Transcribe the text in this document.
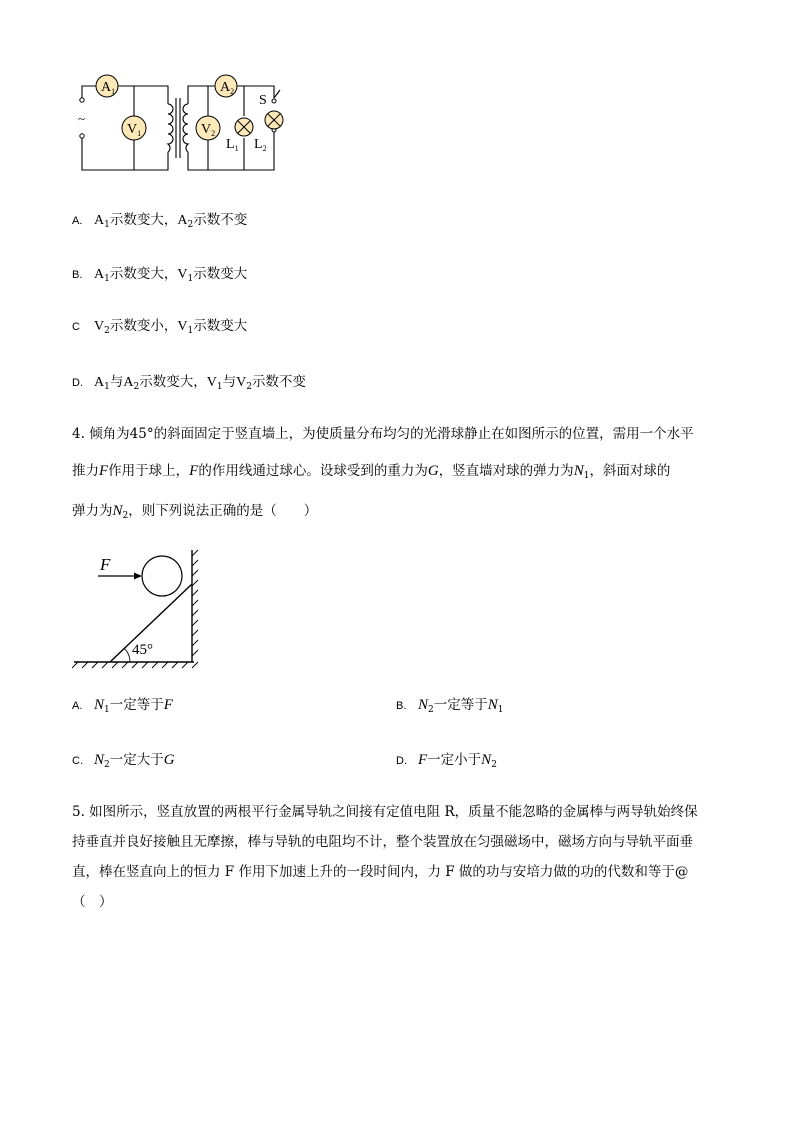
~
$A_1$
$V_1$
$A_2$
$V_2$
S
$L_1$ $L_2$
A. $A_1$示数变大，$A_2$示数不变
B. $A_1$示数变大，$V_1$示数变大
C $V_2$示数变小，$V_1$示数变大
D. $A_1$与$A_2$示数变大，$V_1$与$V_2$示数不变
4. 倾角为45°的斜面固定于竖直墙上，为使质量分布均匀的光滑球静止在如图所示的位置，需用一个水平
推力F作用于球上，F的作用线通过球心。设球受到的重力为G，竖直墙对球的弹力为$N_1$，斜面对球的
弹力为$N_2$，则下列说法正确的是（　　）
F
45°
A. $N_1$一定等于F	B. $N_2$一定等于$N_1$
C. $N_2$一定大于G	D. F一定小于$N_2$
5. 如图所示，竖直放置的两根平行金属导轨之间接有定值电阻 R，质量不能忽略的金属棒与两导轨始终保
持垂直并良好接触且无摩擦，棒与导轨的电阻均不计，整个装置放在匀强磁场中，磁场方向与导轨平面垂
直，棒在竖直向上的恒力 F 作用下加速上升的一段时间内，力 F 做的功与安培力做的功的代数和等于@
（　）
